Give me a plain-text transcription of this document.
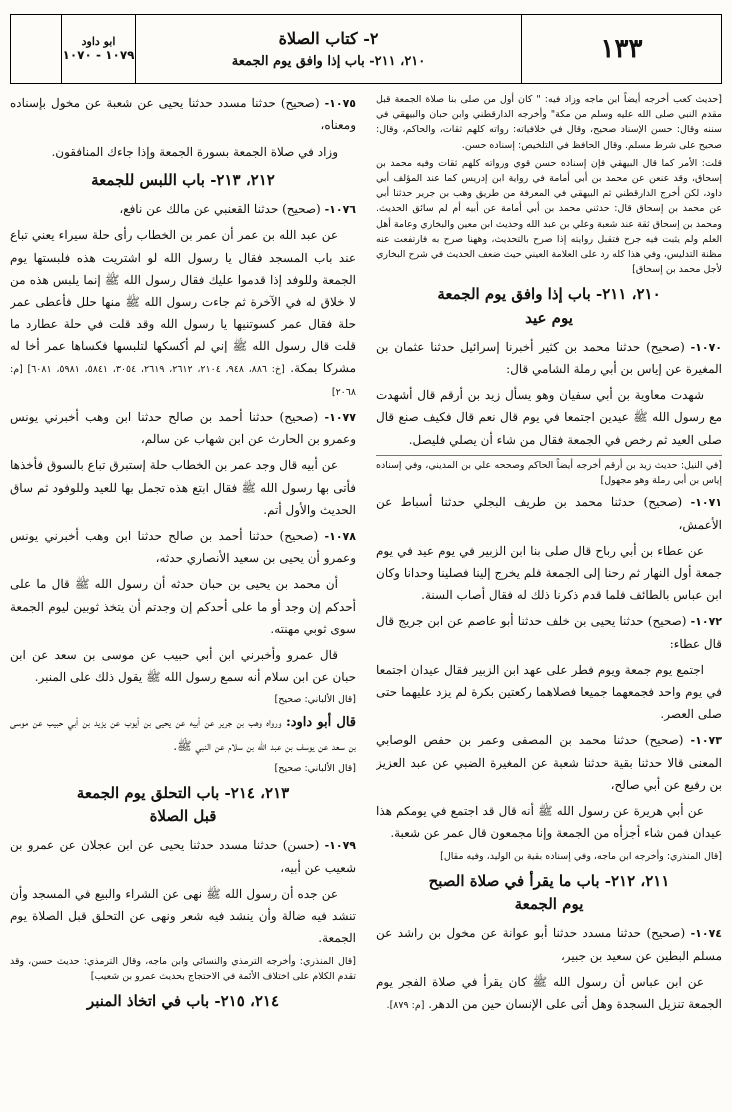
١٣٣
٢- كتاب الصلاة
٢١٠، ٢١١- باب إذا وافق يوم الجمعة
ابو داود
١٠٧٩ - ١٠٧٠

[حديث كعب أخرجه أيضاً ابن ماجه وزاد فيه: " كان أول من صلى بنا صلاة الجمعة قبل مقدم النبي صلى الله عليه وسلم من مكة" وأخرجه الدارقطني وابن حبان والبيهقي في سننه وقال: حسن الإسناد صحيح، وقال في خلافياته: رواته كلهم ثقات، والحاكم، وقال: صحيح على شرط مسلم. وقال الحافظ في التلخيص: إسناده حسن.

قلت: الأمر كما قال البيهقي فإن إسناده حسن قوي ورواته كلهم ثقات وفيه محمد بن إسحاق، وقد عنعن عن محمد بن أبي أمامة في رواية ابن إدريس كما عند المؤلف أبي داود، لكن أخرج الدارقطني ثم البيهقي في المعرفة من طريق وهب بن جرير حدثنا أبي عن محمد بن إسحاق قال: حدثني محمد بن أبي أمامة عن أبيه أم لم سائق الحديث. ومحمد بن إسحاق ثقة عند شعبة وعلي بن عبد الله وحديث ابن معين والبخاري وعامة أهل العلم ولم يثبت فيه جرح فتقبل روايته إذا صرح بالتحديث، وههنا صرح به فارتفعت عنه مظنة التدليس، وفي هذا كله رد على العلامة العيني حيث ضعف الحديث في شرح البخاري لأجل محمد بن إسحاق]

٢١٠، ٢١١- باب إذا وافق يوم الجمعة
يوم عيد

١٠٧٠- (صحيح) حدثنا محمد بن كثير أخبرنا إسرائيل حدثنا عثمان بن المغيرة عن إياس بن أبي رملة الشامي قال:

شهدت معاوية بن أبي سفيان وهو يسأل زيد بن أرقم قال أشهدت مع رسول الله ﷺ عيدين اجتمعا في يوم قال نعم قال فكيف صنع قال صلى العيد ثم رخص في الجمعة فقال من شاء أن يصلي فليصل.

[في النيل: حديث زيد بن أرقم أخرجه أيضاً الحاكم وصححه علي بن المديني، وفي إسناده إياس بن أبي رملة وهو مجهول]

١٠٧١- (صحيح) حدثنا محمد بن طريف البجلي حدثنا أسباط عن الأعمش،

عن عطاء بن أبي رباح قال صلى بنا ابن الزبير في يوم عيد في يوم جمعة أول النهار ثم رحنا إلى الجمعة فلم يخرج إلينا فصلينا وحدانا وكان ابن عباس بالطائف فلما قدم ذكرنا ذلك له فقال أصاب السنة.

١٠٧٢- (صحيح) حدثنا يحيى بن خلف حدثنا أبو عاصم عن ابن جريج قال قال عطاء:

اجتمع يوم جمعة ويوم فطر على عهد ابن الزبير فقال عيدان اجتمعا في يوم واحد فجمعهما جميعا فصلاهما ركعتين بكرة لم يزد عليهما حتى صلى العصر.

١٠٧٣- (صحيح) حدثنا محمد بن المصفى وعمر بن حفص الوصابي المعنى قالا حدثنا بقية حدثنا شعبة عن المغيرة الضبي عن عبد العزيز بن رفيع عن أبي صالح،

عن أبي هريرة عن رسول الله ﷺ أنه قال قد اجتمع في يومكم هذا عيدان فمن شاء أجزأه من الجمعة وإنا مجمعون قال عمر عن شعبة.

[قال المنذري: وأخرجه ابن ماجه، وفي إسناده بقية بن الوليد، وفيه مقال]

٢١١، ٢١٢- باب ما يقرأ في صلاة الصبح
يوم الجمعة

١٠٧٤- (صحيح) حدثنا مسدد حدثنا أبو عوانة عن مخول بن راشد عن مسلم البطين عن سعيد بن جبير،

عن ابن عباس أن رسول الله ﷺ كان يقرأ في صلاة الفجر يوم الجمعة تنزيل السجدة وهل أتى على الإنسان حين من الدهر. [م: ٨٧٩].

١٠٧٥- (صحيح) حدثنا مسدد حدثنا يحيى عن شعبة عن مخول بإسناده ومعناه،

وزاد في صلاة الجمعة بسورة الجمعة وإذا جاءك المنافقون.

٢١٢، ٢١٣- باب اللبس للجمعة

١٠٧٦- (صحيح) حدثنا القعنبي عن مالك عن نافع،

عن عبد الله بن عمر أن عمر بن الخطاب رأى حلة سيراء يعني تباع عند باب المسجد فقال يا رسول الله لو اشتريت هذه فلبستها يوم الجمعة وللوفد إذا قدموا عليك فقال رسول الله ﷺ إنما يلبس هذه من لا خلاق له في الآخرة ثم جاءت رسول الله ﷺ منها حلل فأعطى عمر حلة فقال عمر كسوتنيها يا رسول الله وقد قلت في حلة عطارد ما قلت قال رسول الله ﷺ إني لم أكسكها لتلبسها فكساها عمر أخا له مشركا بمكة. [خ: ٨٨٦، ٩٤٨، ٢١٠٤، ٢٦١٢، ٢٦١٩، ٣٠٥٤، ٥٨٤١، ٥٩٨١، ٦٠٨١] [م: ٢٠٦٨]

١٠٧٧- (صحيح) حدثنا أحمد بن صالح حدثنا ابن وهب أخبرني يونس وعمرو بن الحارث عن ابن شهاب عن سالم،

عن أبيه قال وجد عمر بن الخطاب حلة إستبرق تباع بالسوق فأخذها فأتى بها رسول الله ﷺ فقال ابتع هذه تجمل بها للعيد وللوفود ثم ساق الحديث والأول أتم.

١٠٧٨- (صحيح) حدثنا أحمد بن صالح حدثنا ابن وهب أخبرني يونس وعمرو أن يحيى بن سعيد الأنصاري حدثه،

أن محمد بن يحيى بن حبان حدثه أن رسول الله ﷺ قال ما على أحدكم إن وجد أو ما على أحدكم إن وجدتم أن يتخذ ثوبين ليوم الجمعة سوى ثوبي مهنته.

قال عمرو وأخبرني ابن أبي حبيب عن موسى بن سعد عن ابن حبان عن ابن سلام أنه سمع رسول الله ﷺ يقول ذلك على المنبر.

[قال الألباني: صحيح]

قال أبو داود: ورواه وهب بن جرير عن أبيه عن يحيى بن أيوب عن يزيد بن أبي حبيب عن موسى بن سعد عن يوسف بن عبد الله بن سلام عن النبي ﷺ.

[قال الألباني: صحيح]

٢١٣، ٢١٤- باب التحلق يوم الجمعة
قبل الصلاة

١٠٧٩- (حسن) حدثنا مسدد حدثنا يحيى عن ابن عجلان عن عمرو بن شعيب عن أبيه،

عن جده أن رسول الله ﷺ نهى عن الشراء والبيع في المسجد وأن تنشد فيه ضالة وأن ينشد فيه شعر ونهى عن التحلق قبل الصلاة يوم الجمعة.

[قال المنذري: وأخرجه الترمذي والنسائي وابن ماجه، وقال الترمذي: حديث حسن، وقد تقدم الكلام على اختلاف الأئمة في الاحتجاج بحديث عمرو بن شعيب]

٢١٤، ٢١٥- باب في اتخاذ المنبر
